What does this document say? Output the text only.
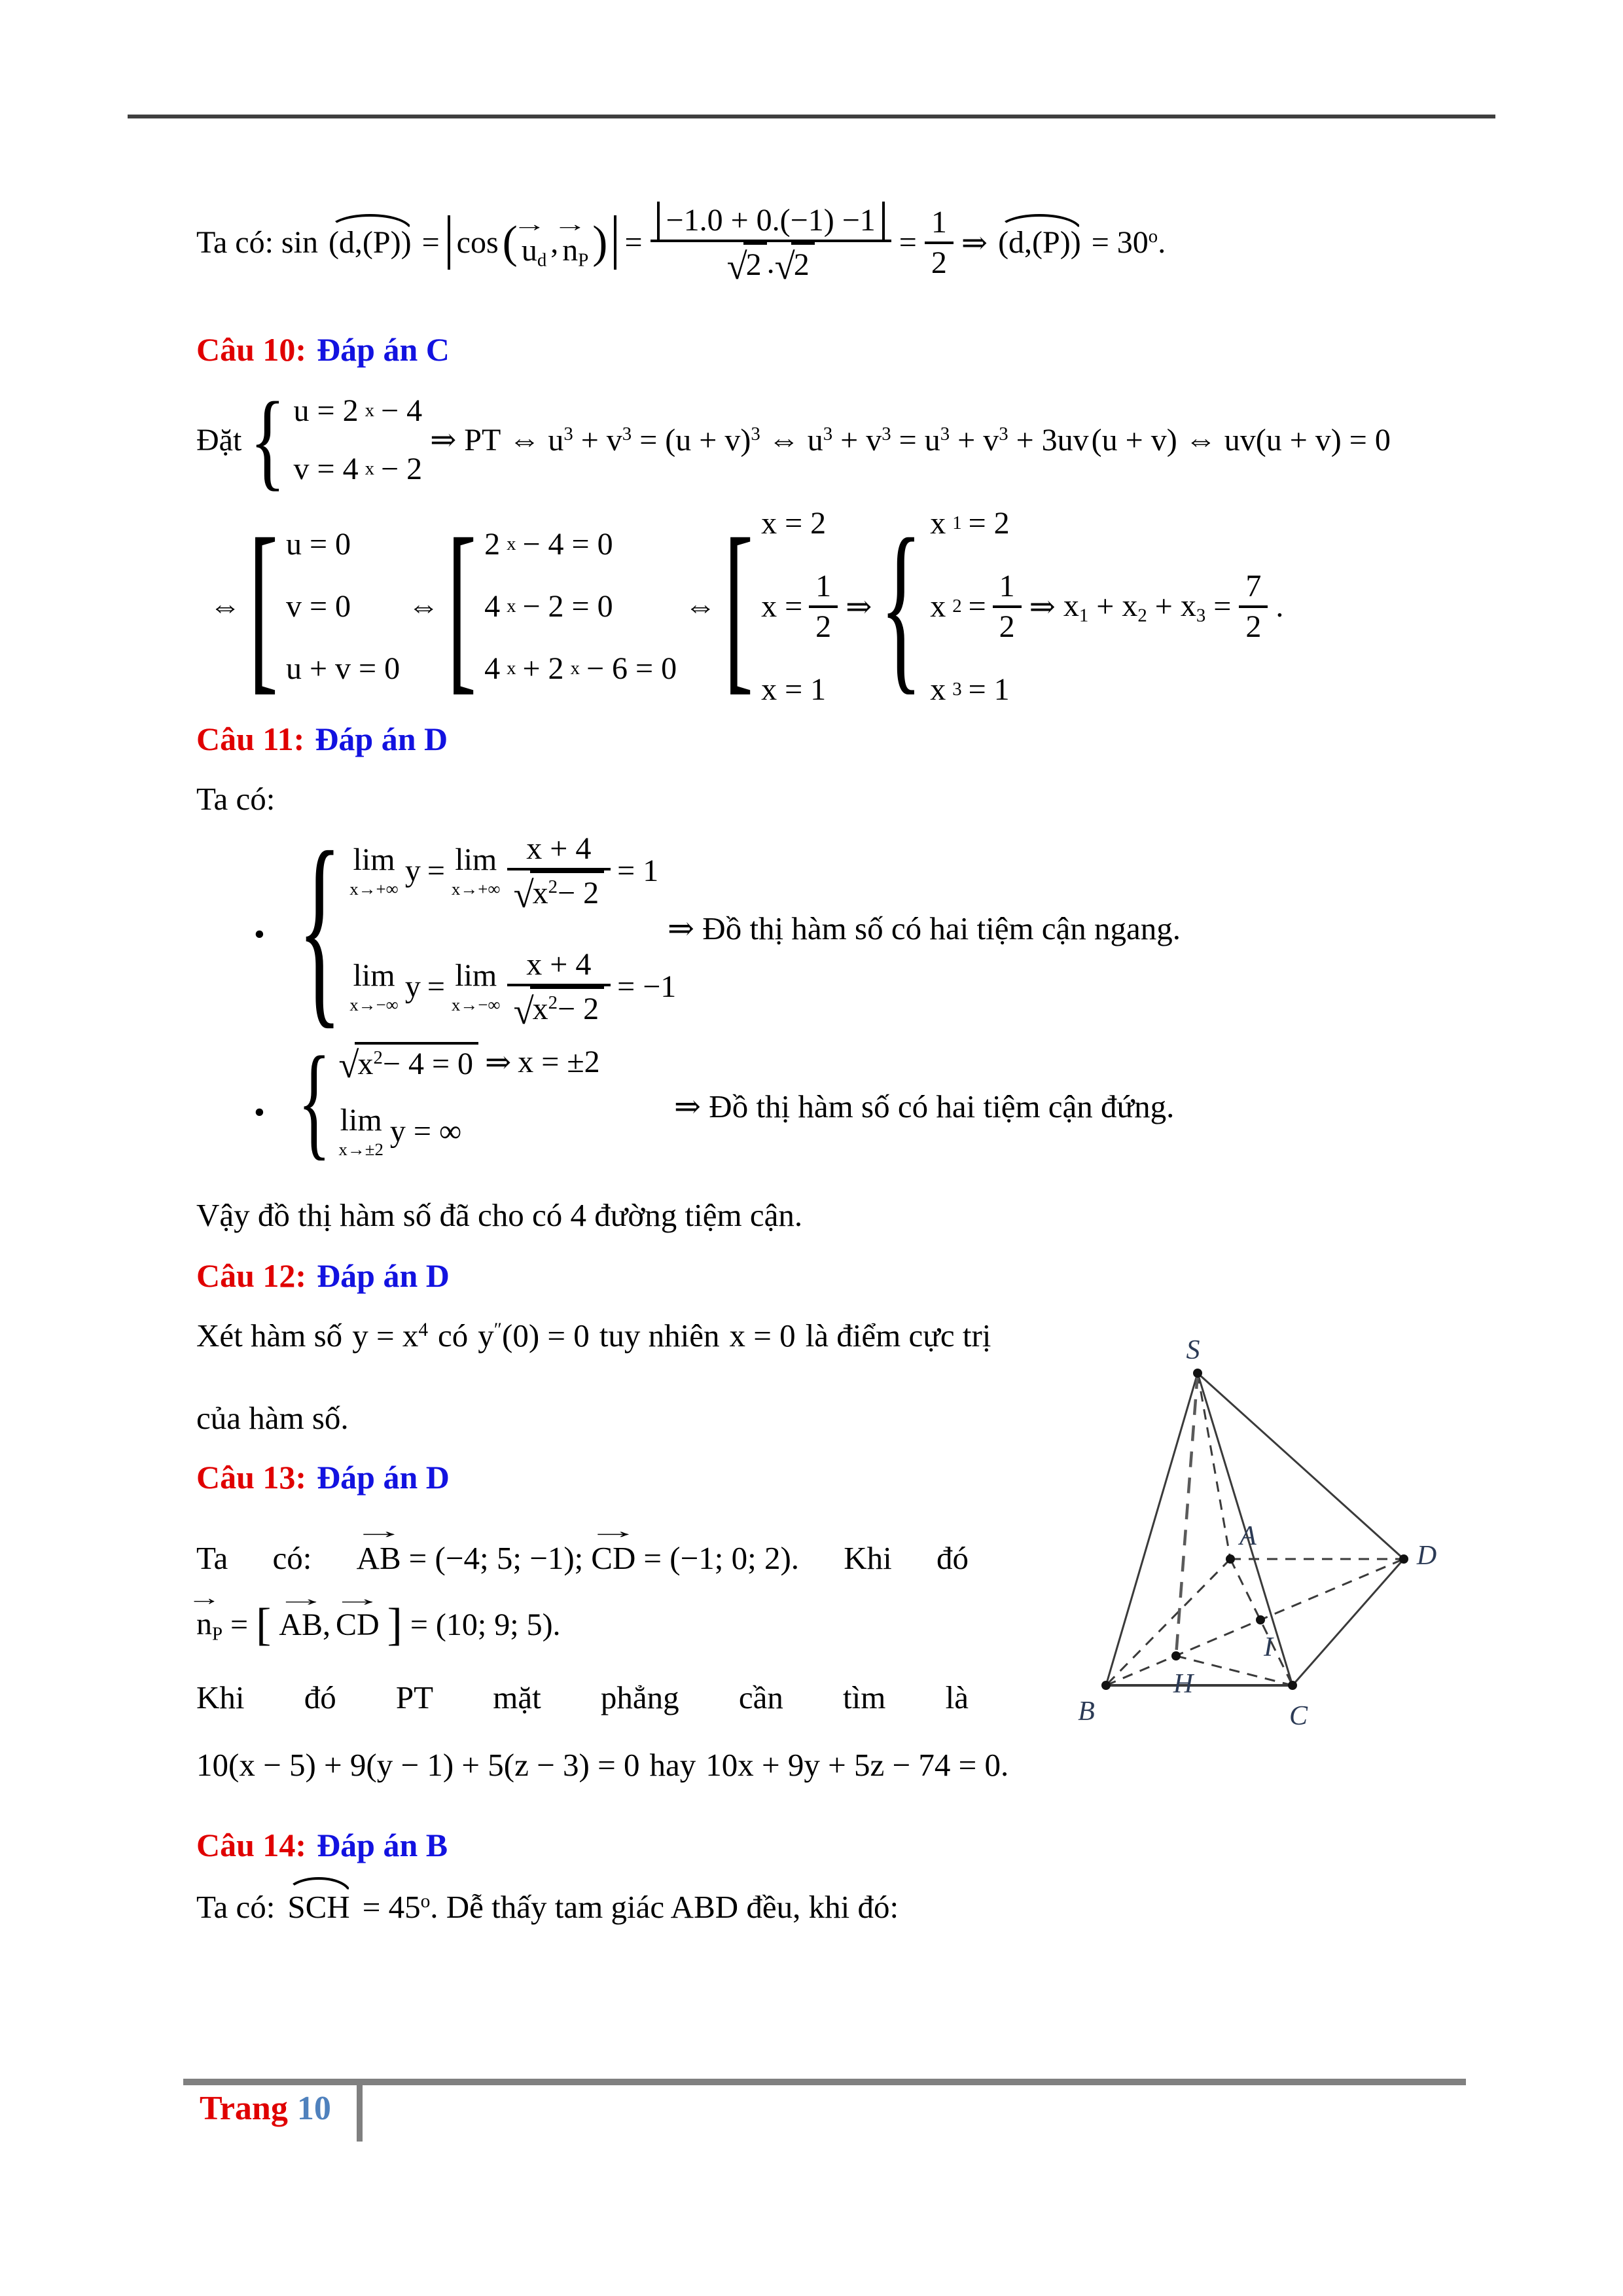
Ta có: sin (d,(P)) = cos ( → ud
, → nP ) = −1.0 + 0.(−1) −1
√
2 . √
$2 = \frac{1}{2}$ ⇒ $(d,(P)) = 30^o$.
Câu 10: Đáp án C
Đặt { u = 2 x − 4
v = 4 x − 2
⇒ PT ⇔ $u^3 + v^3 = (u + v)^3$ ⇔ $u^3 + v^3 = u^3 + v^3 + 3uv$ (u + v) ⇔ uv(u + v) = 0
⇔ [ u = 0
v = 0
u + v = 0
⇔ [ 2 x − 4 = 0
4 x − 2 = 0
4 x + 2 x − 6 = 0
⇔ [ x = 2
$x = \frac{1}{2}$
x = 1
⇒ { x 1 = 2
x $2 = \frac{1}{2}$
x 3 = 1
⇒ $x1 + x2 + x3 = \frac{7}{2}$ .
Câu 11: Đáp án D
Ta có:
• { lim
x→+∞
y = lim
x→+∞ x + 4
√
$x^2- 2 = 1$
lim
x→−∞
y = lim
x→−∞ x + 4
√
$x^2- 2 = -1$
⇒ Đồ thị hàm số có hai tiệm cận ngang.
• { √
$x^2- 4 = 0$ ⇒ x = ±2
lim
x→±2
y = ∞
⇒ Đồ thị hàm số có hai tiệm cận đứng.
Vậy đồ thị hàm số đã cho có 4 đường tiệm cận.
Câu 12: Đáp án D
Xét hàm số $y = x^4$ có y″(0) = 0 tuy nhiên x = 0 là điểm cực trị
của hàm số.
Câu 13: Đáp án D
Ta có: → AB = (−4; 5; −1); → CD = (−1; 0; 2). Khi đó
→ nP = [ → AB, → CD ] = (10; 9; 5).
Khi đó PT mặt phẳng cần tìm là
10(x − 5) + 9(y − 1) + 5(z − 3) = 0 hay 10x + 9y + 5z − 74 = 0.
Câu 14: Đáp án B
Ta có: SCH = $45^o$. Dễ thấy tam giác ABD đều, khi đó:
S
A
D
B	C
H
I
Trang 10
